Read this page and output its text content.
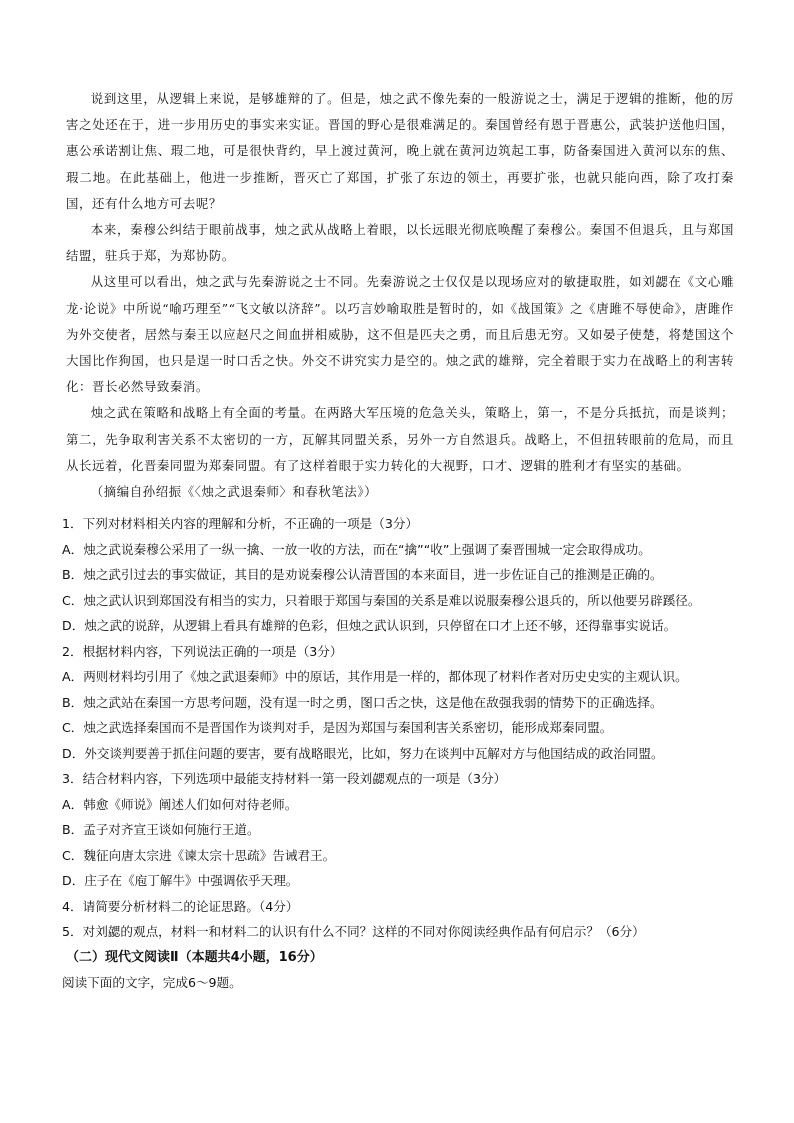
说到这里，从逻辑上来说，是够雄辩的了。但是，烛之武不像先秦的一般游说之士，满足于逻辑的推断，他的厉害之处还在于，进一步用历史的事实来实证。晋国的野心是很难满足的。秦国曾经有恩于晋惠公，武装护送他归国，惠公承诺割让焦、瑕二地，可是很快背约，早上渡过黄河，晚上就在黄河边筑起工事，防备秦国进入黄河以东的焦、瑕二地。在此基础上，他进一步推断，晋灭亡了郑国，扩张了东边的领土，再要扩张，也就只能向西，除了攻打秦国，还有什么地方可去呢？

本来，秦穆公纠结于眼前战事，烛之武从战略上着眼，以长远眼光彻底唤醒了秦穆公。秦国不但退兵，且与郑国结盟，驻兵于郑，为郑协防。

从这里可以看出，烛之武与先秦游说之士不同。先秦游说之士仅仅是以现场应对的敏捷取胜，如刘勰在《文心雕龙·论说》中所说“喻巧理至”“飞文敏以济辞”。以巧言妙喻取胜是暂时的，如《战国策》之《唐雎不辱使命》，唐雎作为外交使者，居然与秦王以应赵尺之间血拼相威胁，这不但是匹夫之勇，而且后患无穷。又如晏子使楚，将楚国这个大国比作狗国，也只是逞一时口舌之快。外交不讲究实力是空的。烛之武的雄辩，完全着眼于实力在战略上的利害转化：晋长必然导致秦消。

烛之武在策略和战略上有全面的考量。在两路大军压境的危急关头，策略上，第一，不是分兵抵抗，而是谈判；第二，先争取利害关系不太密切的一方，瓦解其同盟关系，另外一方自然退兵。战略上，不但扭转眼前的危局，而且从长远着，化晋秦同盟为郑秦同盟。有了这样着眼于实力转化的大视野，口才、逻辑的胜利才有坚实的基础。

（摘编自孙绍振《〈烛之武退秦师〉和春秋笔法》）

1．下列对材料相关内容的理解和分析，不正确的一项是（3分）

A．烛之武说秦穆公采用了一纵一擒、一放一收的方法，而在“擒”“收”上强调了秦晋围城一定会取得成功。

B．烛之武引过去的事实做证，其目的是劝说秦穆公认清晋国的本来面目，进一步佐证自己的推测是正确的。

C．烛之武认识到郑国没有相当的实力，只着眼于郑国与秦国的关系是难以说服秦穆公退兵的，所以他要另辟蹊径。

D．烛之武的说辞，从逻辑上看具有雄辩的色彩，但烛之武认识到，只停留在口才上还不够，还得靠事实说话。

2．根据材料内容，下列说法正确的一项是（3分）

A．两则材料均引用了《烛之武退秦师》中的原话，其作用是一样的，都体现了材料作者对历史史实的主观认识。

B．烛之武站在秦国一方思考问题，没有逞一时之勇，图口舌之快，这是他在敌强我弱的情势下的正确选择。

C．烛之武选择秦国而不是晋国作为谈判对手，是因为郑国与秦国利害关系密切，能形成郑秦同盟。

D．外交谈判要善于抓住问题的要害，要有战略眼光，比如，努力在谈判中瓦解对方与他国结成的政治同盟。

3．结合材料内容，下列选项中最能支持材料一第一段刘勰观点的一项是（3分）

A．韩愈《师说》阐述人们如何对待老师。

B．孟子对齐宣王谈如何施行王道。

C．魏征向唐太宗进《谏太宗十思疏》告诫君王。

D．庄子在《庖丁解牛》中强调依乎天理。

4．请简要分析材料二的论证思路。（4分）

5．对刘勰的观点，材料一和材料二的认识有什么不同？这样的不同对你阅读经典作品有何启示？（6分）

（二）现代文阅读Ⅱ（本题共4小题，16分）

阅读下面的文字，完成6～9题。
